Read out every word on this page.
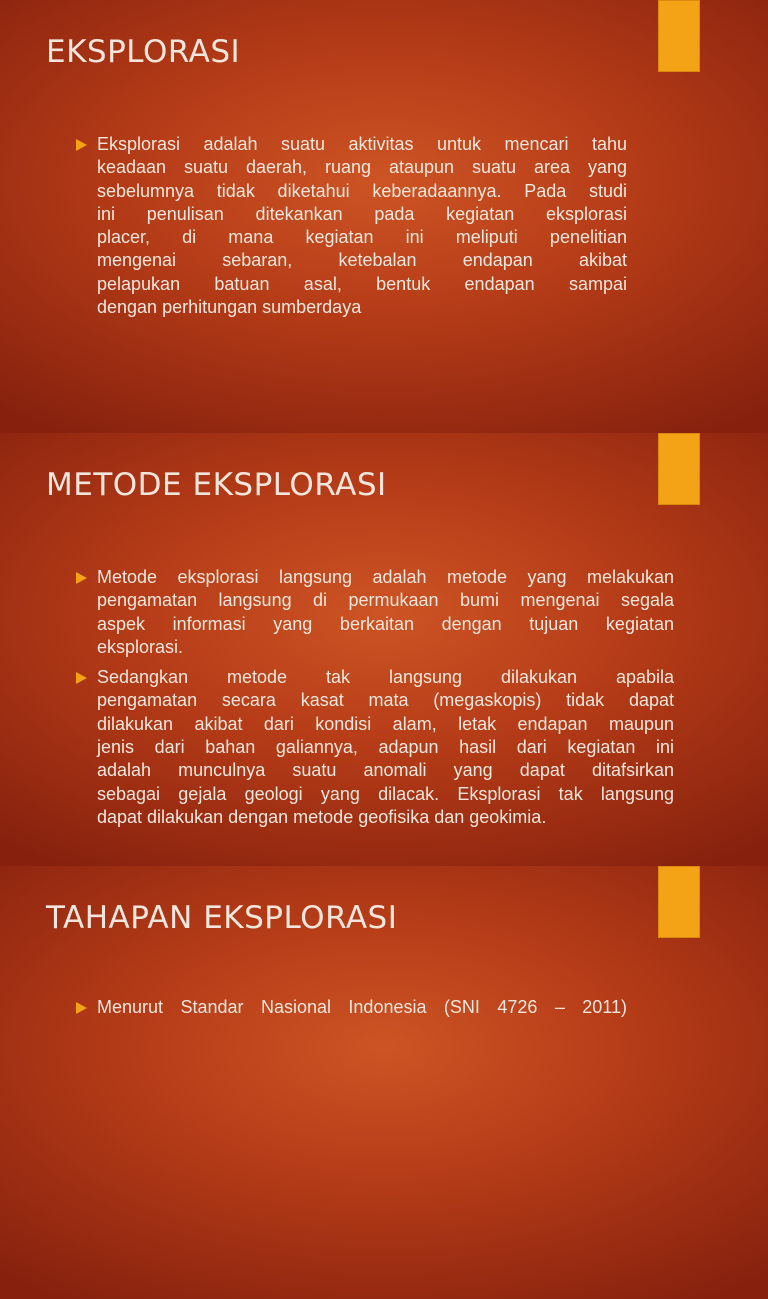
EKSPLORASI
Eksplorasi adalah suatu aktivitas untuk mencari tahu
keadaan suatu daerah, ruang ataupun suatu area yang
sebelumnya tidak diketahui keberadaannya. Pada studi
ini penulisan ditekankan pada kegiatan eksplorasi
placer, di mana kegiatan ini meliputi penelitian
mengenai sebaran, ketebalan endapan akibat
pelapukan batuan asal, bentuk endapan sampai
dengan perhitungan sumberdaya
METODE EKSPLORASI
Metode eksplorasi langsung adalah metode yang melakukan
pengamatan langsung di permukaan bumi mengenai segala
aspek informasi yang berkaitan dengan tujuan kegiatan
eksplorasi.
Sedangkan metode tak langsung dilakukan apabila
pengamatan secara kasat mata (megaskopis) tidak dapat
dilakukan akibat dari kondisi alam, letak endapan maupun
jenis dari bahan galiannya, adapun hasil dari kegiatan ini
adalah munculnya suatu anomali yang dapat ditafsirkan
sebagai gejala geologi yang dilacak. Eksplorasi tak langsung
dapat dilakukan dengan metode geofisika dan geokimia.
TAHAPAN EKSPLORASI
Menurut Standar Nasional Indonesia (SNI 4726 – 2011)
